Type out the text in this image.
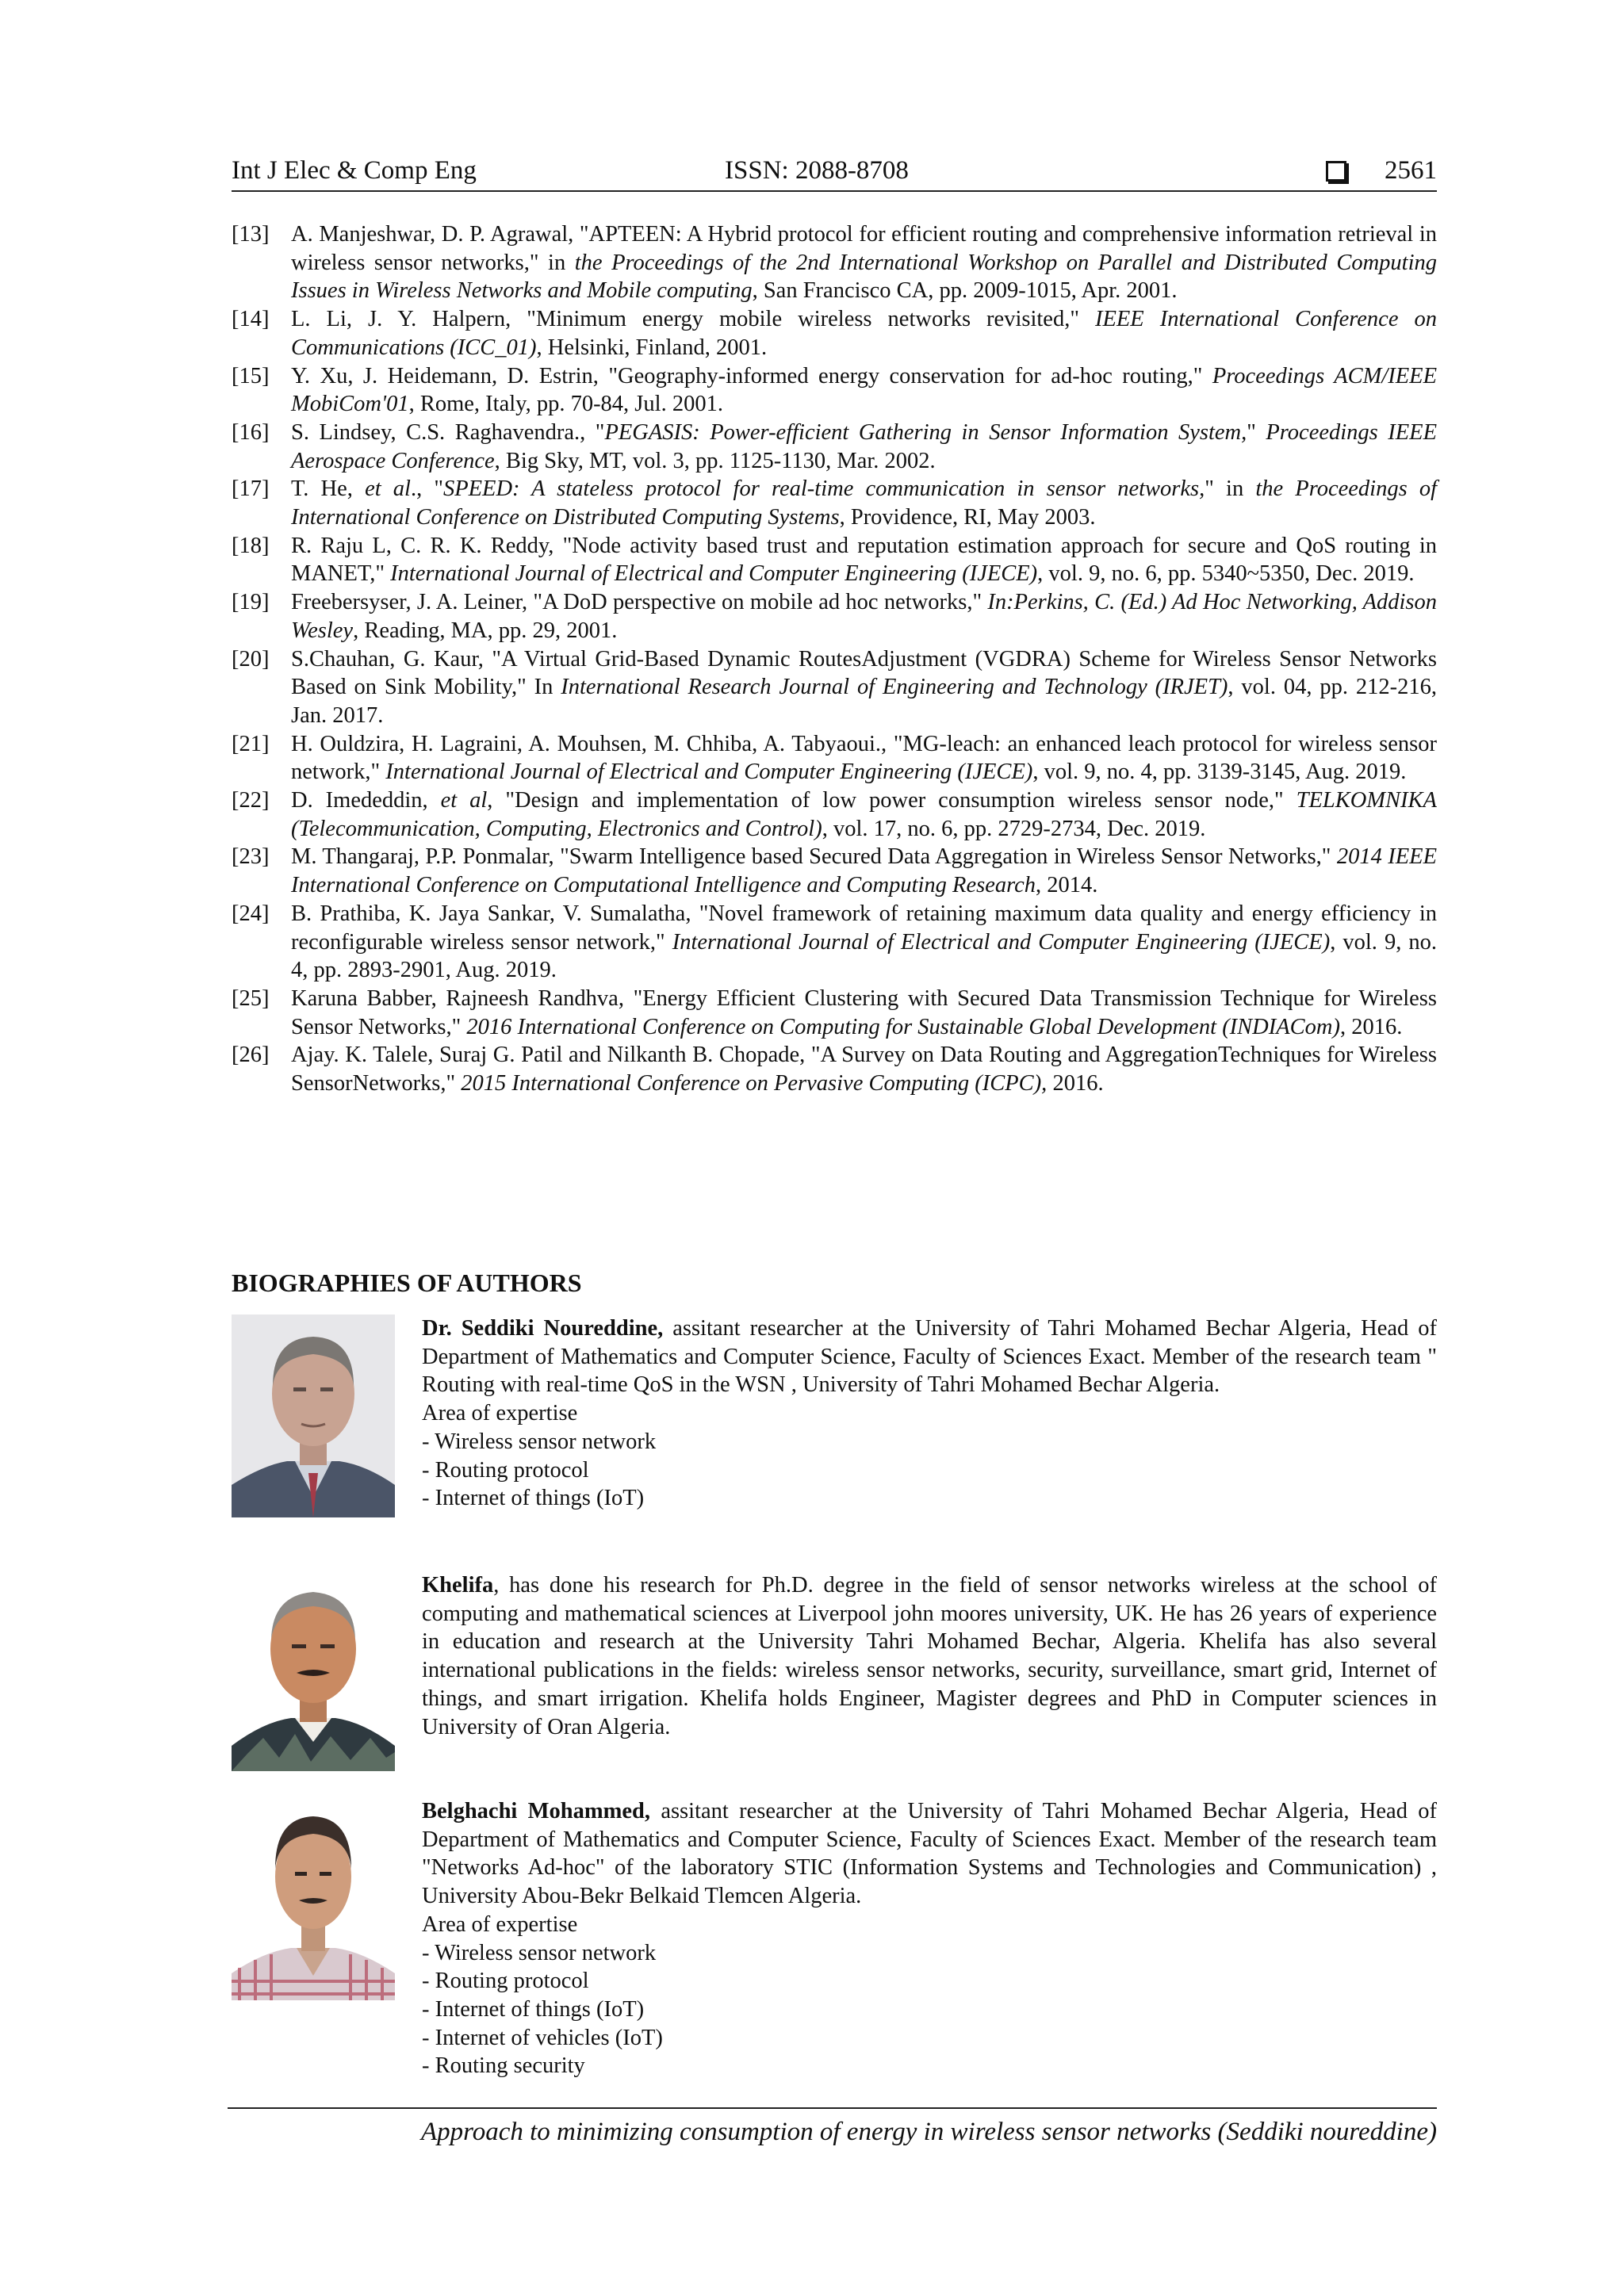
Int J Elec & Comp Eng	ISSN: 2088-8708	2561
[13] A. Manjeshwar, D. P. Agrawal, "APTEEN: A Hybrid protocol for efficient routing and comprehensive information retrieval in wireless sensor networks," in the Proceedings of the 2nd International Workshop on Parallel and Distributed Computing Issues in Wireless Networks and Mobile computing, San Francisco CA, pp. 2009-1015, Apr. 2001.
[14] L. Li, J. Y. Halpern, "Minimum energy mobile wireless networks revisited," IEEE International Conference on Communications (ICC_01), Helsinki, Finland, 2001.
[15] Y. Xu, J. Heidemann, D. Estrin, "Geography-informed energy conservation for ad-hoc routing," Proceedings ACM/IEEE MobiCom'01, Rome, Italy, pp. 70-84, Jul. 2001.
[16] S. Lindsey, C.S. Raghavendra., "PEGASIS: Power-efficient Gathering in Sensor Information System," Proceedings IEEE Aerospace Conference, Big Sky, MT, vol. 3, pp. 1125-1130, Mar. 2002.
[17] T. He, et al., "SPEED: A stateless protocol for real-time communication in sensor networks," in the Proceedings of International Conference on Distributed Computing Systems, Providence, RI, May 2003.
[18] R. Raju L, C. R. K. Reddy, "Node activity based trust and reputation estimation approach for secure and QoS routing in MANET," International Journal of Electrical and Computer Engineering (IJECE), vol. 9, no. 6, pp. 5340~5350, Dec. 2019.
[19] Freebersyser, J. A. Leiner, "A DoD perspective on mobile ad hoc networks," In:Perkins, C. (Ed.) Ad Hoc Networking, Addison Wesley, Reading, MA, pp. 29, 2001.
[20] S.Chauhan, G. Kaur, "A Virtual Grid-Based Dynamic RoutesAdjustment (VGDRA) Scheme for Wireless Sensor Networks Based on Sink Mobility," In International Research Journal of Engineering and Technology (IRJET), vol. 04, pp. 212-216, Jan. 2017.
[21] H. Ouldzira, H. Lagraini, A. Mouhsen, M. Chhiba, A. Tabyaoui., "MG-leach: an enhanced leach protocol for wireless sensor network," International Journal of Electrical and Computer Engineering (IJECE), vol. 9, no. 4, pp. 3139-3145, Aug. 2019.
[22] D. Imededdin, et al, "Design and implementation of low power consumption wireless sensor node," TELKOMNIKA (Telecommunication, Computing, Electronics and Control), vol. 17, no. 6, pp. 2729-2734, Dec. 2019.
[23] M. Thangaraj, P.P. Ponmalar, "Swarm Intelligence based Secured Data Aggregation in Wireless Sensor Networks," 2014 IEEE International Conference on Computational Intelligence and Computing Research, 2014.
[24] B. Prathiba, K. Jaya Sankar, V. Sumalatha, "Novel framework of retaining maximum data quality and energy efficiency in reconfigurable wireless sensor network," International Journal of Electrical and Computer Engineering (IJECE), vol. 9, no. 4, pp. 2893-2901, Aug. 2019.
[25] Karuna Babber, Rajneesh Randhva, "Energy Efficient Clustering with Secured Data Transmission Technique for Wireless Sensor Networks," 2016 International Conference on Computing for Sustainable Global Development (INDIACom), 2016.
[26] Ajay. K. Talele, Suraj G. Patil and Nilkanth B. Chopade, "A Survey on Data Routing and AggregationTechniques for Wireless SensorNetworks," 2015 International Conference on Pervasive Computing (ICPC), 2016.
BIOGRAPHIES OF AUTHORS
Dr. Seddiki Noureddine, assitant researcher at the University of Tahri Mohamed Bechar Algeria, Head of Department of Mathematics and Computer Science, Faculty of Sciences Exact. Member of the research team " Routing with real-time QoS in the WSN , University of Tahri Mohamed Bechar Algeria.
Area of expertise
- Wireless sensor network
- Routing protocol
- Internet of things (IoT)
Khelifa, has done his research for Ph.D. degree in the field of sensor networks wireless at the school of computing and mathematical sciences at Liverpool john moores university, UK. He has 26 years of experience in education and research at the University Tahri Mohamed Bechar, Algeria. Khelifa has also several international publications in the fields: wireless sensor networks, security, surveillance, smart grid, Internet of things, and smart irrigation. Khelifa holds Engineer, Magister degrees and PhD in Computer sciences in University of Oran Algeria.
Belghachi Mohammed, assitant researcher at the University of Tahri Mohamed Bechar Algeria, Head of Department of Mathematics and Computer Science, Faculty of Sciences Exact. Member of the research team "Networks Ad-hoc" of the laboratory STIC (Information Systems and Technologies and Communication) , University Abou-Bekr Belkaid Tlemcen Algeria.
Area of expertise
- Wireless sensor network
- Routing protocol
- Internet of things (IoT)
- Internet of vehicles (IoT)
- Routing security
Approach to minimizing consumption of energy in wireless sensor networks (Seddiki noureddine)
